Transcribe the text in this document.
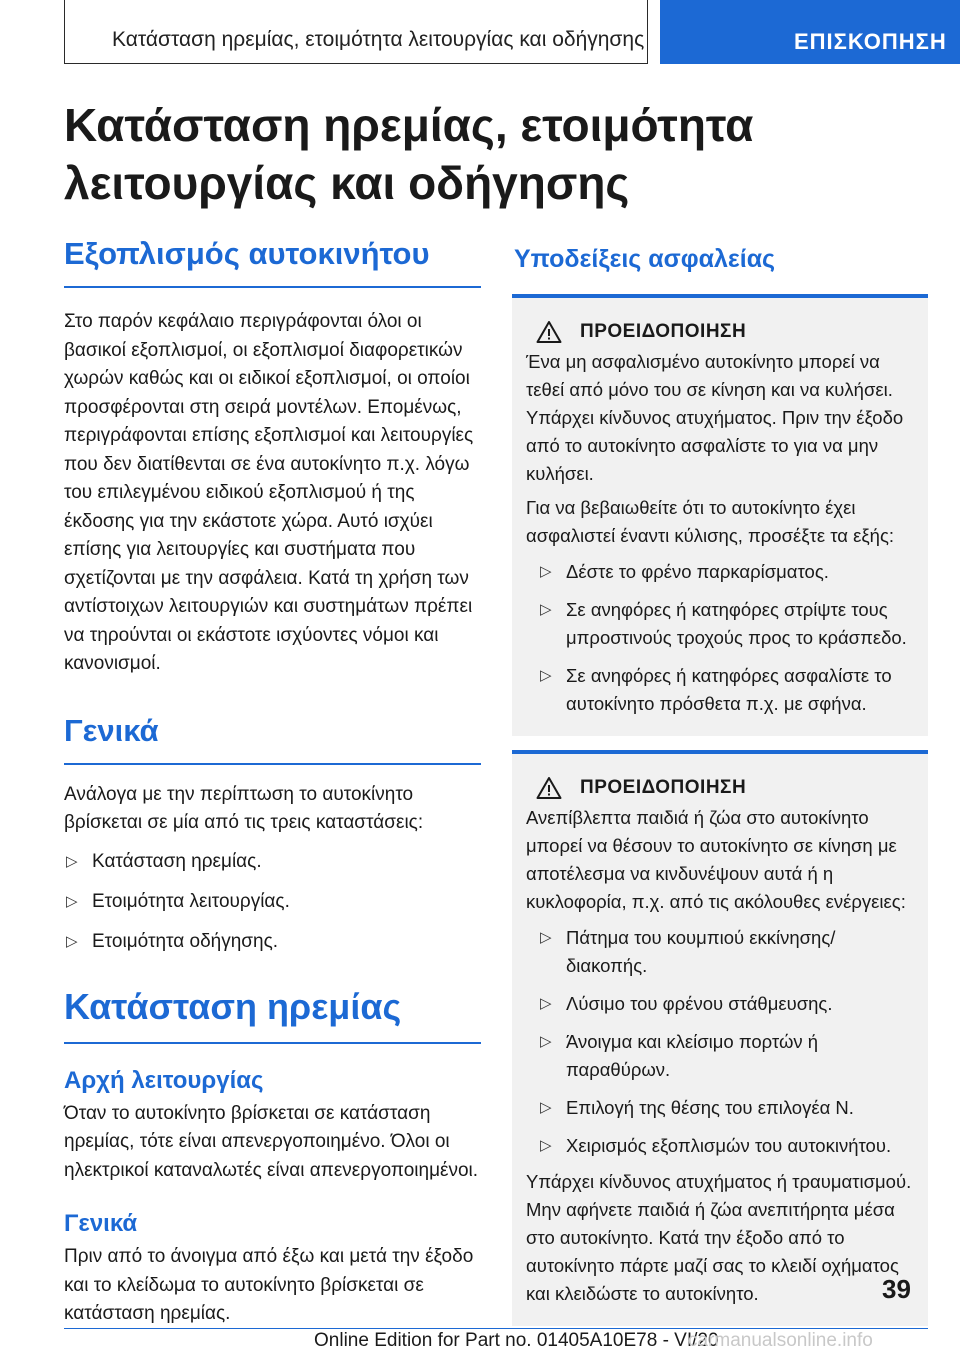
Κατάσταση ηρεμίας, ετοιμότητα λειτουργίας και οδήγησης	ΕΠΙΣΚΟΠΗΣΗ
Κατάσταση ηρεμίας, ετοιμότητα λειτουργίας και οδήγησης
Εξοπλισμός αυτοκινήτου

Στο παρόν κεφάλαιο περιγράφονται όλοι οι βασικοί εξοπλισμοί, οι εξοπλισμοί διαφορετικών χωρών καθώς και οι ειδικοί εξοπλισμοί, οι οποίοι προσφέρονται στη σειρά μοντέλων. Επομένως, περιγράφονται επίσης εξοπλισμοί και λειτουργίες που δεν διατίθενται σε ένα αυτοκίνητο π.χ. λόγω του επιλεγμένου ειδικού εξοπλισμού ή της έκδοσης για την εκάστοτε χώρα. Αυτό ισχύει επίσης για λειτουργίες και συστήματα που σχετίζονται με την ασφάλεια. Κατά τη χρήση των αντίστοιχων λειτουργιών και συστημάτων πρέπει να τηρούνται οι εκάστοτε ισχύοντες νόμοι και κανονισμοί.

Γενικά

Ανάλογα με την περίπτωση το αυτοκίνητο βρίσκεται σε μία από τις τρεις καταστάσεις:

▷ Κατάσταση ηρεμίας.
▷ Ετοιμότητα λειτουργίας.
▷ Ετοιμότητα οδήγησης.
Κατάσταση ηρεμίας
Αρχή λειτουργίας

Όταν το αυτοκίνητο βρίσκεται σε κατάσταση ηρεμίας, τότε είναι απενεργοποιημένο. Όλοι οι ηλεκτρικοί καταναλωτές είναι απενεργοποιημένοι.

Γενικά

Πριν από το άνοιγμα από έξω και μετά την έξοδο και το κλείδωμα το αυτοκίνητο βρίσκεται σε κατάσταση ηρεμίας.

Υποδείξεις ασφαλείας
ΠΡΟΕΙΔΟΠΟΙΗΣΗ

Ένα μη ασφαλισμένο αυτοκίνητο μπορεί να τεθεί από μόνο του σε κίνηση και να κυλήσει. Υπάρχει κίνδυνος ατυχήματος. Πριν την έξοδο από το αυτοκίνητο ασφαλίστε το για να μην κυλήσει.

Για να βεβαιωθείτε ότι το αυτοκίνητο έχει ασφαλιστεί έναντι κύλισης, προσέξτε τα εξής:

▷ Δέστε το φρένο παρκαρίσματος.
▷ Σε ανηφόρες ή κατηφόρες στρίψτε τους μπροστινούς τροχούς προς το κράσπεδο.
▷ Σε ανηφόρες ή κατηφόρες ασφαλίστε το αυτοκίνητο πρόσθετα π.χ. με σφήνα.
ΠΡΟΕΙΔΟΠΟΙΗΣΗ

Ανεπίβλεπτα παιδιά ή ζώα στο αυτοκίνητο μπορεί να θέσουν το αυτοκίνητο σε κίνηση με αποτέλεσμα να κινδυνέψουν αυτά ή η κυκλοφορία, π.χ. από τις ακόλουθες ενέργειες:

▷ Πάτημα του κουμπιού εκκίνησης/διακοπής.
▷ Λύσιμο του φρένου στάθμευσης.
▷ Άνοιγμα και κλείσιμο πορτών ή παραθύρων.
▷ Επιλογή της θέσης του επιλογέα N.
▷ Χειρισμός εξοπλισμών του αυτοκινήτου.

Υπάρχει κίνδυνος ατυχήματος ή τραυματισμού. Μην αφήνετε παιδιά ή ζώα ανεπιτήρητα μέσα στο αυτοκίνητο. Κατά την έξοδο από το αυτοκίνητο πάρτε μαζί σας το κλειδί οχήματος και κλειδώστε το αυτοκίνητο.	39
Online Edition for Part no. 01405A10E78 - VI/20
carmanualsonline.info
